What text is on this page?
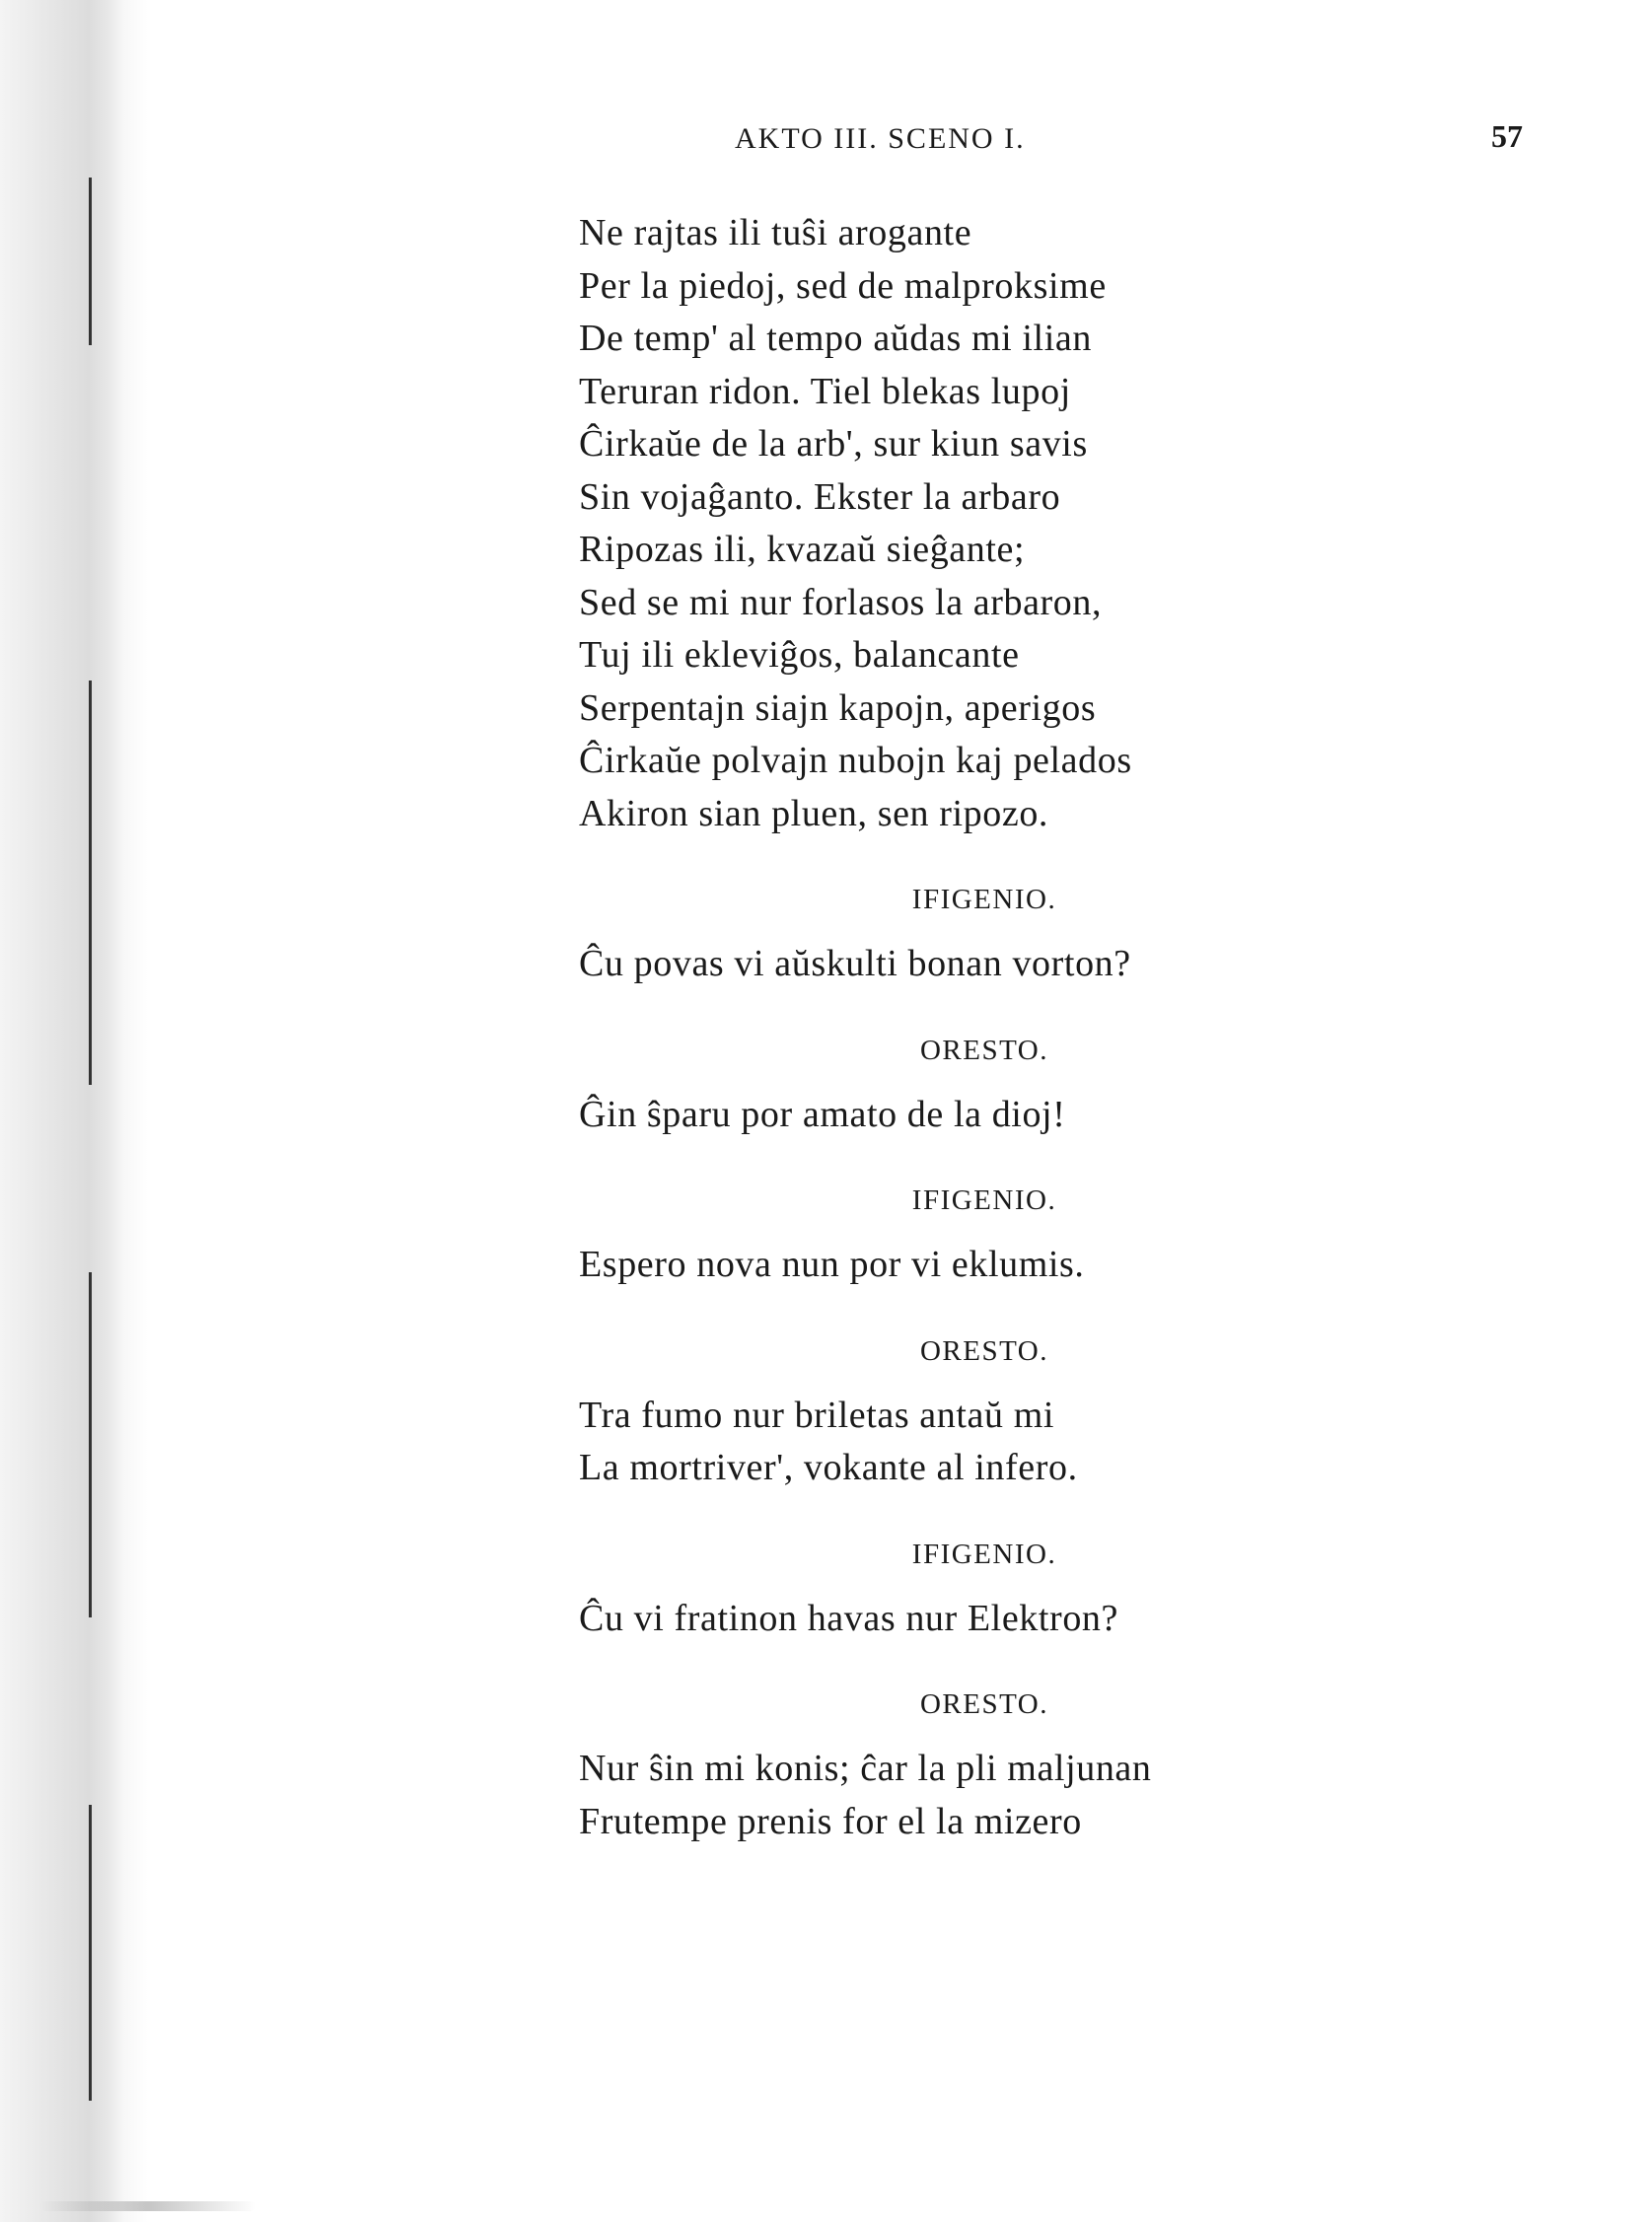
AKTO III. SCENO I.	57
Ne rajtas ili tuŝi arogante
Per la piedoj, sed de malproksime
De temp' al tempo aŭdas mi ilian
Teruran ridon. Tiel blekas lupoj
Ĉirkaŭe de la arb', sur kiun savis
Sin vojaĝanto. Ekster la arbaro
Ripozas ili, kvazaŭ sieĝante;
Sed se mi nur forlasos la arbaron,
Tuj ili ekleviĝos, balancante
Serpentajn siajn kapojn, aperigos
Ĉirkaŭe polvajn nubojn kaj pelados
Akiron sian pluen, sen ripozo.
IFIGENIO.
Ĉu povas vi aŭskulti bonan vorton?
ORESTO.
Ĝin ŝparu por amato de la dioj!
IFIGENIO.
Espero nova nun por vi eklumis.
ORESTO.
Tra fumo nur briletas antaŭ mi
La mortriver', vokante al infero.
IFIGENIO.
Ĉu vi fratinon havas nur Elektron?
ORESTO.
Nur ŝin mi konis; ĉar la pli maljunan
Frutempe prenis for el la mizero
